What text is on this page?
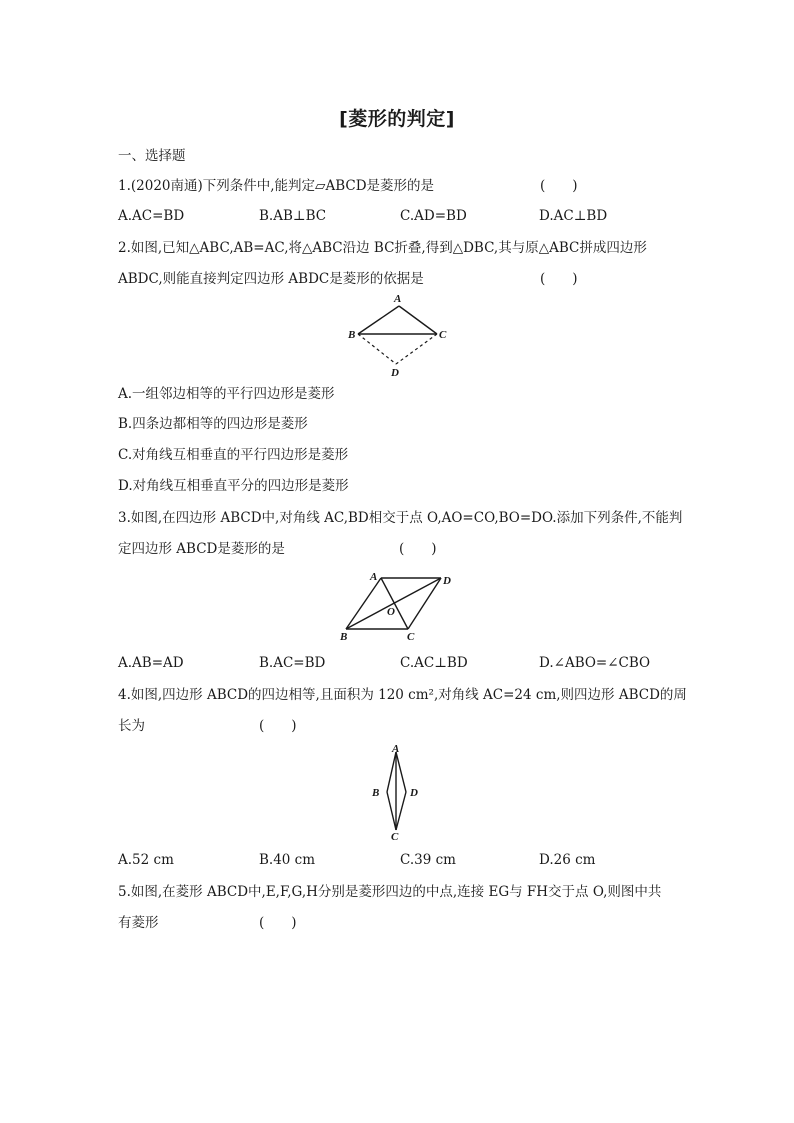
[菱形的判定]
一、选择题
1.(2020南通)下列条件中,能判定▱ABCD是菱形的是	(　　)
A.AC=BD	B.AB⊥BC	C.AD=BD	D.AC⊥BD
2.如图,已知△ABC,AB=AC,将△ABC沿边 BC折叠,得到△DBC,其与原△ABC拼成四边形
ABDC,则能直接判定四边形 ABDC是菱形的依据是	(　　)
A
B	C
D
A.一组邻边相等的平行四边形是菱形
B.四条边都相等的四边形是菱形
C.对角线互相垂直的平行四边形是菱形
D.对角线互相垂直平分的四边形是菱形
3.如图,在四边形 ABCD中,对角线 AC,BD相交于点 O,AO=CO,BO=DO.添加下列条件,不能判
定四边形 ABCD是菱形的是	(　　)
A	D
O
B	C
A.AB=AD	B.AC=BD	C.AC⊥BD	D.∠ABO=∠CBO
4.如图,四边形 ABCD的四边相等,且面积为 120 cm²,对角线 AC=24 cm,则四边形 ABCD的周
长为	(　　)
A
B	D
C
A.52 cm	B.40 cm	C.39 cm	D.26 cm
5.如图,在菱形 ABCD中,E,F,G,H分别是菱形四边的中点,连接 EG与 FH交于点 O,则图中共
有菱形	(　　)
